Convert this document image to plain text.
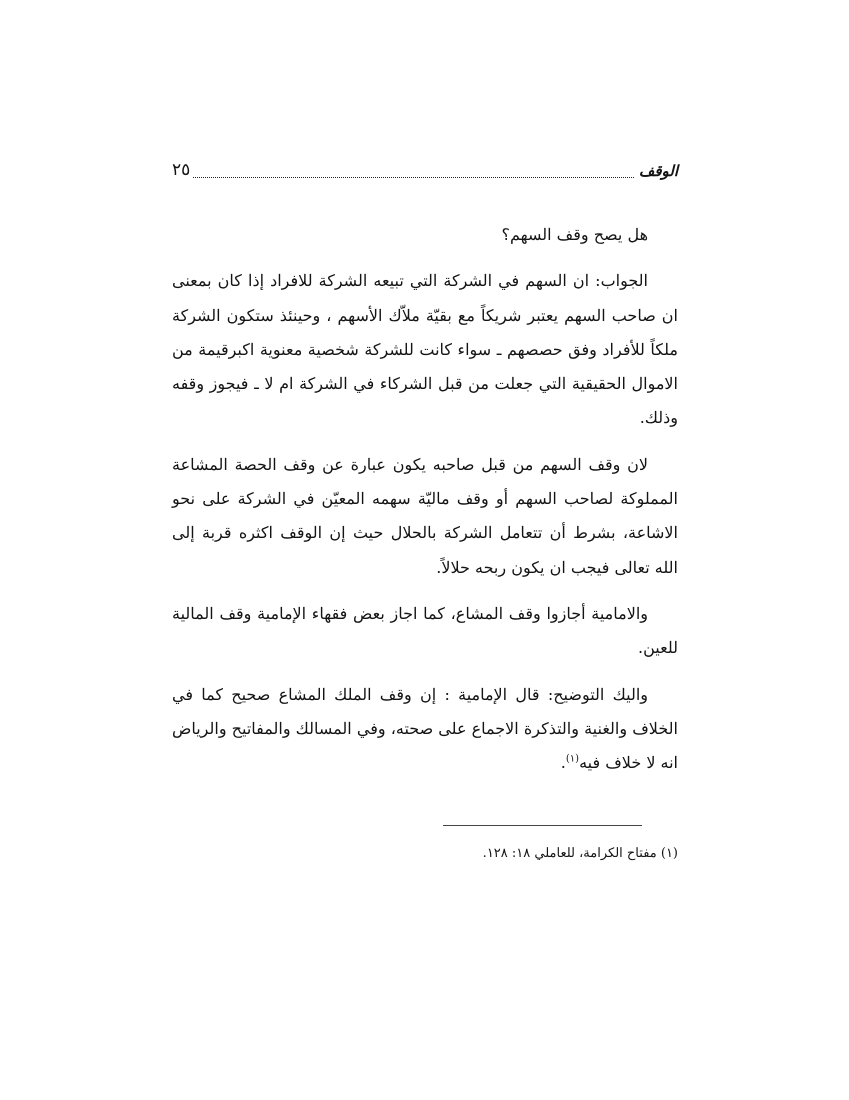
٢٥	الوقف

هل يصح وقف السهم؟

الجواب: ان السهم في الشركة التي تبيعه الشركة للافراد إذا كان بمعنى ان صاحب السهم يعتبر شريكاً مع بقيّة ملاّك الأسهم ، وحينئذ ستكون الشركة ملكاً للأفراد وفق حصصهم ـ سواء كانت للشركة شخصية معنوية اكبرقيمة من الاموال الحقيقية التي جعلت من قبل الشركاء في الشركة ام لا ـ فيجوز وقفه وذلك.

لان وقف السهم من قبل صاحبه يكون عبارة عن وقف الحصة المشاعة المملوكة لصاحب السهم أو وقف ماليّة سهمه المعيّن في الشركة على نحو الاشاعة، بشرط أن تتعامل الشركة بالحلال حيث إن الوقف اكثره قربة إلى الله تعالى فيجب ان يكون ربحه حلالاً.

والامامية أجازوا وقف المشاع، كما اجاز بعض فقهاء الإمامية وقف المالية للعين.

واليك التوضيح: قال الإمامية : إن وقف الملك المشاع صحيح كما في الخلاف والغنية والتذكرة الاجماع على صحته، وفي المسالك والمفاتيح والرياض انه لا خلاف فيه$^{(١)}$.

(١) مفتاح الكرامة، للعاملي ١٨: ١٢٨.
